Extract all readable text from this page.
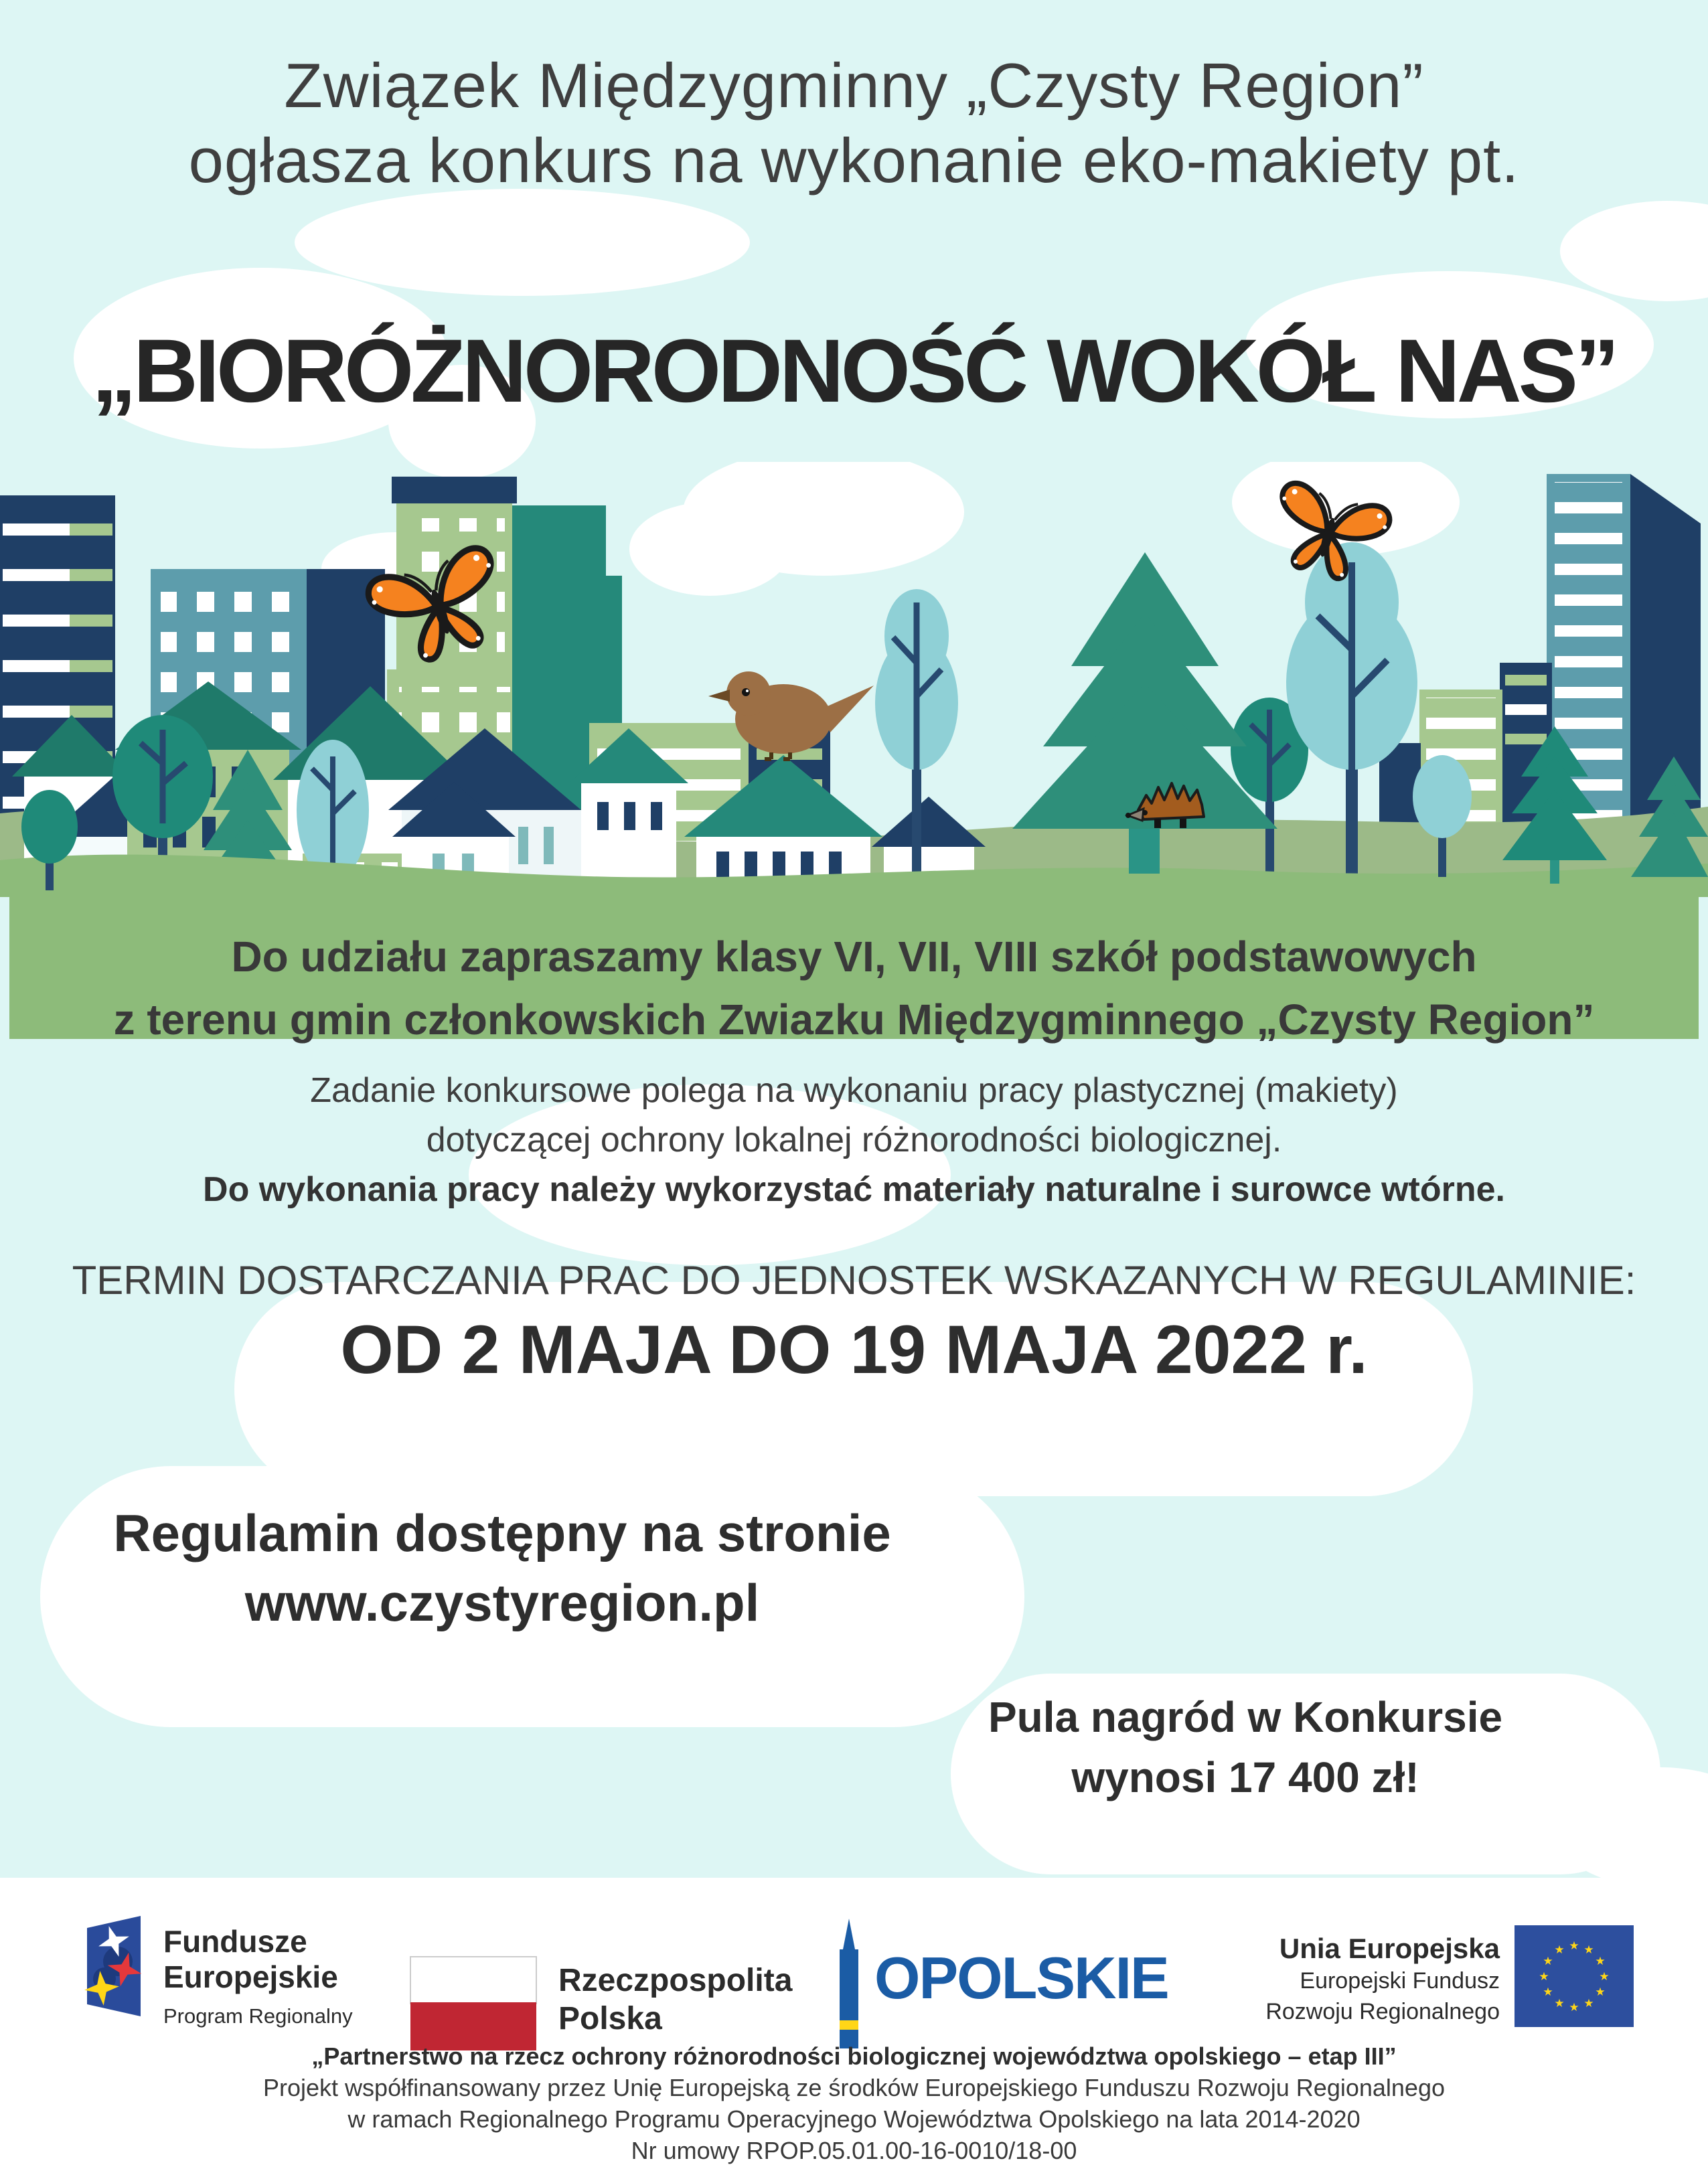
Związek Międzygminny „Czysty Region”
ogłasza konkurs na wykonanie eko-makiety pt.
„BIORÓŻNORODNOŚĆ WOKÓŁ NAS”
Do udziału zapraszamy klasy VI, VII, VIII szkół podstawowych
z terenu gmin członkowskich Zwiazku Międzygminnego „Czysty Region”
Zadanie konkursowe polega na wykonaniu pracy plastycznej (makiety)
dotyczącej ochrony lokalnej różnorodności biologicznej.
Do wykonania pracy należy wykorzystać materiały naturalne i surowce wtórne.
TERMIN DOSTARCZANIA PRAC DO JEDNOSTEK WSKAZANYCH W REGULAMINIE:
OD 2 MAJA DO 19 MAJA 2022 r.
Regulamin dostępny na stronie
www.czystyregion.pl
Pula nagród w Konkursie
wynosi 17 400 zł!
Fundusze
Europejskie
Program Regionalny
Rzeczpospolita
Polska
OPOLSKIE	Unia Europejska
Europejski Fundusz
Rozwoju Regionalnego
★ ★
★
★
★
★
★
★
★
★
★
★
„Partnerstwo na rzecz ochrony różnorodności biologicznej województwa opolskiego – etap III”
Projekt współfinansowany przez Unię Europejską ze środków Europejskiego Funduszu Rozwoju Regionalnego
w ramach Regionalnego Programu Operacyjnego Województwa Opolskiego na lata 2014-2020
Nr umowy RPOP.05.01.00-16-0010/18-00
